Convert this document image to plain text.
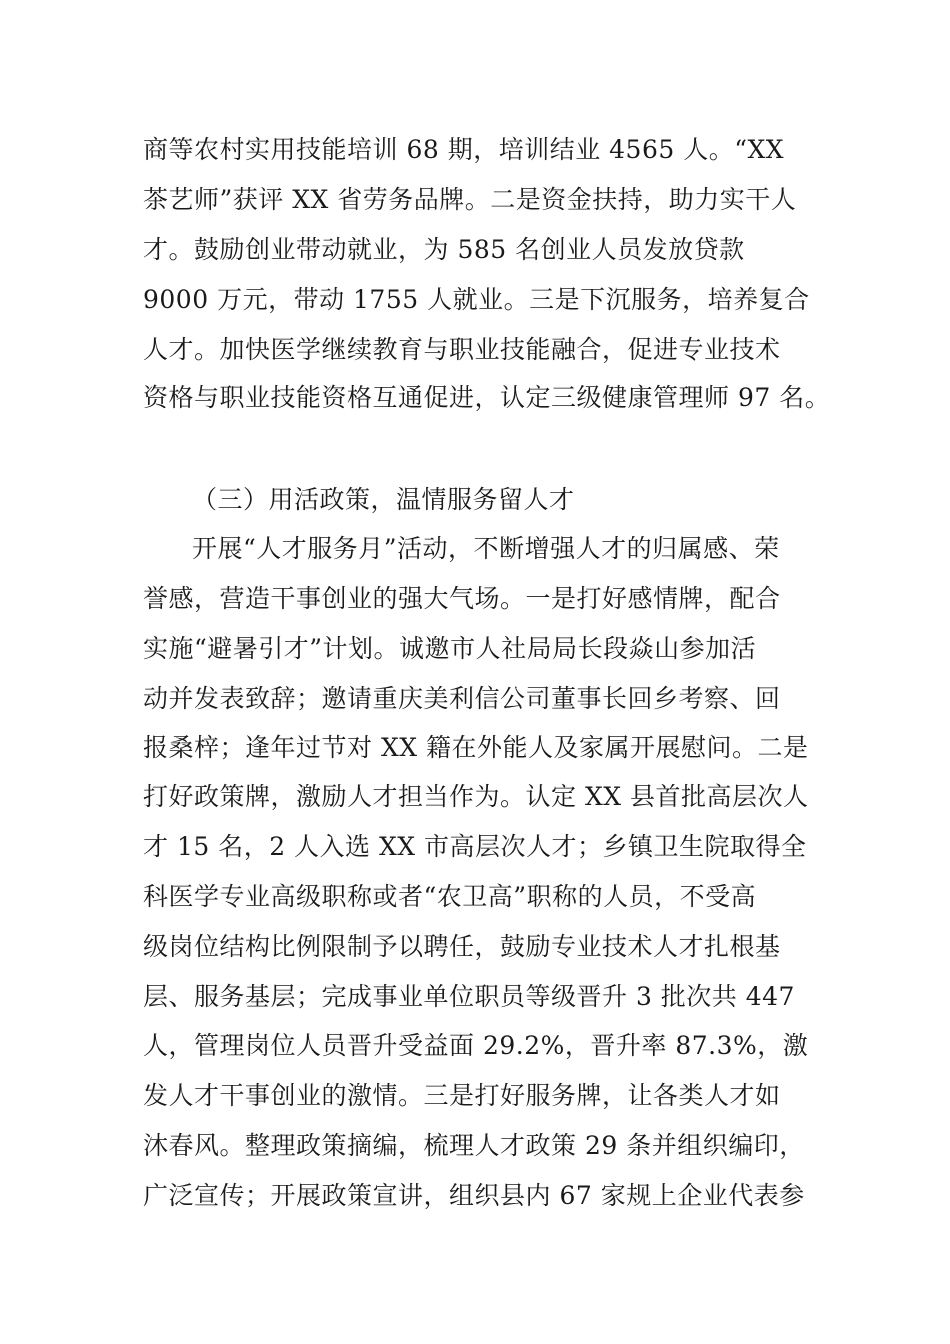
商等农村实用技能培训 68 期，培训结业 4565 人。“XX
茶艺师”获评 XX 省劳务品牌。二是资金扶持，助力实干人
才。鼓励创业带动就业，为 585 名创业人员发放贷款
9000 万元，带动 1755 人就业。三是下沉服务，培养复合
人才。加快医学继续教育与职业技能融合，促进专业技术
资格与职业技能资格互通促进，认定三级健康管理师 97 名。
（三）用活政策，温情服务留人才
开展“人才服务月”活动，不断增强人才的归属感、荣
誉感，营造干事创业的强大气场。一是打好感情牌，配合
实施“避暑引才”计划。诚邀市人社局局长段焱山参加活
动并发表致辞；邀请重庆美利信公司董事长回乡考察、回
报桑梓；逢年过节对 XX 籍在外能人及家属开展慰问。二是
打好政策牌，激励人才担当作为。认定 XX 县首批高层次人
才 15 名，2 人入选 XX 市高层次人才；乡镇卫生院取得全
科医学专业高级职称或者“农卫高”职称的人员，不受高
级岗位结构比例限制予以聘任，鼓励专业技术人才扎根基
层、服务基层；完成事业单位职员等级晋升 3 批次共 447
人，管理岗位人员晋升受益面 29.2%，晋升率 87.3%，激
发人才干事创业的激情。三是打好服务牌，让各类人才如
沐春风。整理政策摘编，梳理人才政策 29 条并组织编印，
广泛宣传；开展政策宣讲，组织县内 67 家规上企业代表参
